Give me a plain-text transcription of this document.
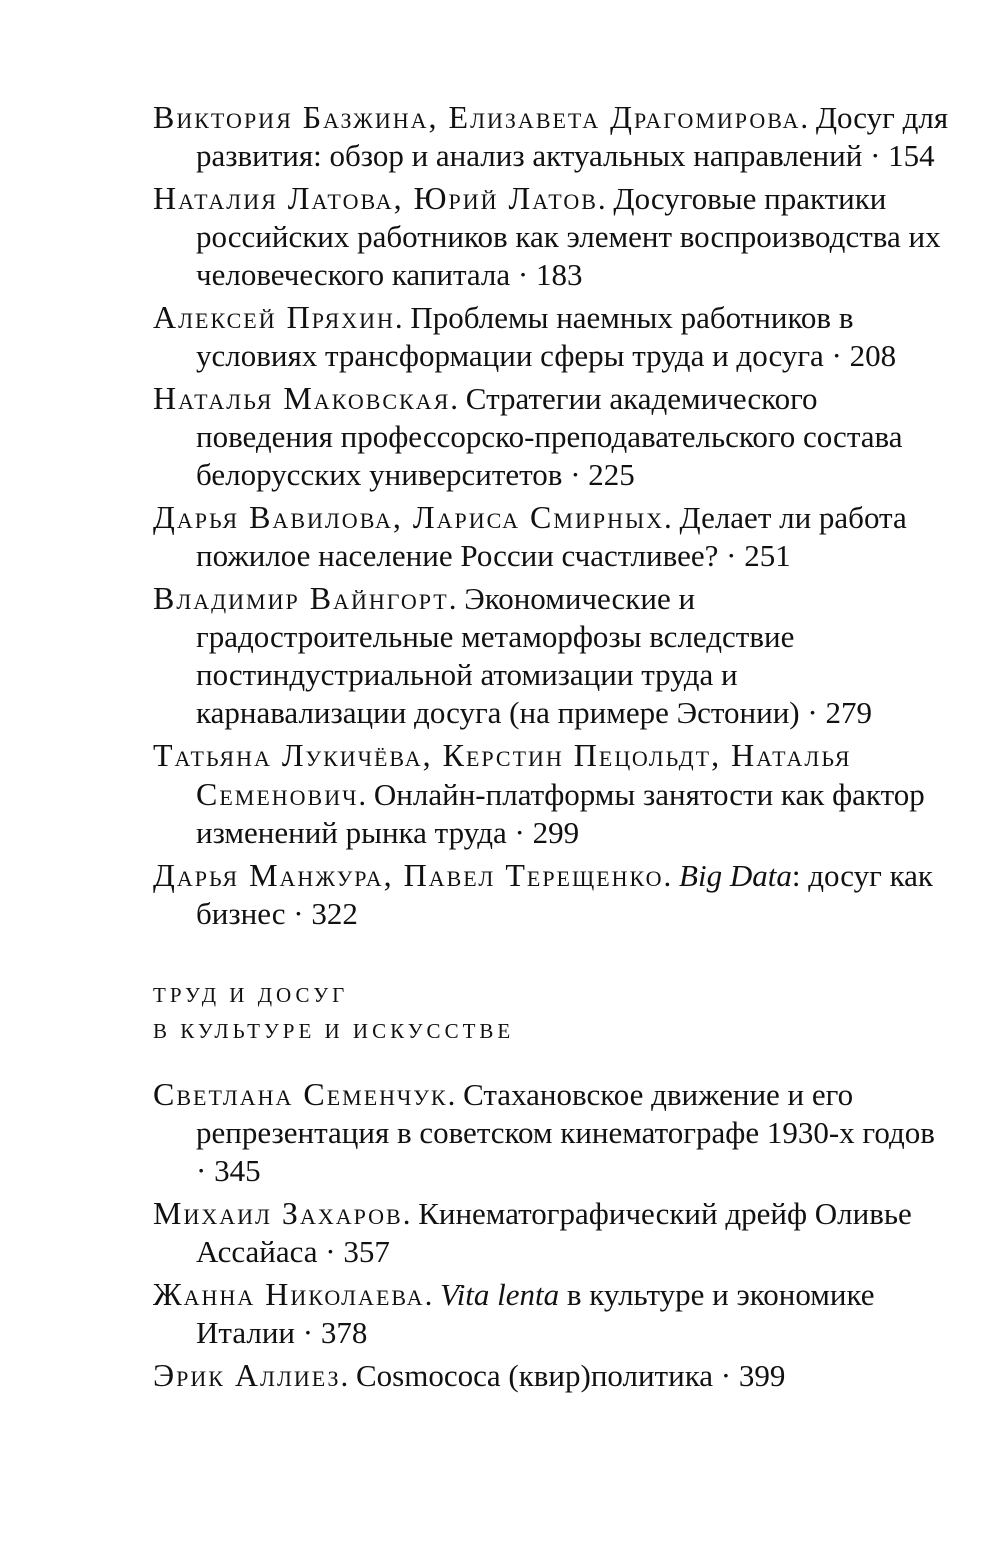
Виктория Базжина, Елизавета Драгомирова. Досуг для развития: обзор и анализ актуальных направлений · 154
Наталия Латова, Юрий Латов. Досуговые практики российских работников как элемент воспроизводства их человеческого капитала · 183
Алексей Пряхин. Проблемы наемных работников в условиях трансформации сферы труда и досуга · 208
Наталья Маковская. Стратегии академического поведения профессорско-преподавательского состава белорусских университетов · 225
Дарья Вавилова, Лариса Смирных. Делает ли работа пожилое население России счастливее? · 251
Владимир Вайнгорт. Экономические и градостроительные метаморфозы вследствие постиндустриальной атомизации труда и карнавализации досуга (на примере Эстонии) · 279
Татьяна Лукичёва, Керстин Пецольдт, Наталья Семенович. Онлайн-платформы занятости как фактор изменений рынка труда · 299
Дарья Манжура, Павел Терещенко. Big Data: досуг как бизнес · 322
ТРУД И ДОСУГ
В КУЛЬТУРЕ И ИСКУССТВЕ
Светлана Семенчук. Стахановское движение и его репрезентация в советском кинематографе 1930-х годов · 345
Михаил Захаров. Кинематографический дрейф Оливье Ассайаса · 357
Жанна Николаева. Vita lenta в культуре и экономике Италии · 378
Эрик Аллиез. Cosmococa (квир)политика · 399
